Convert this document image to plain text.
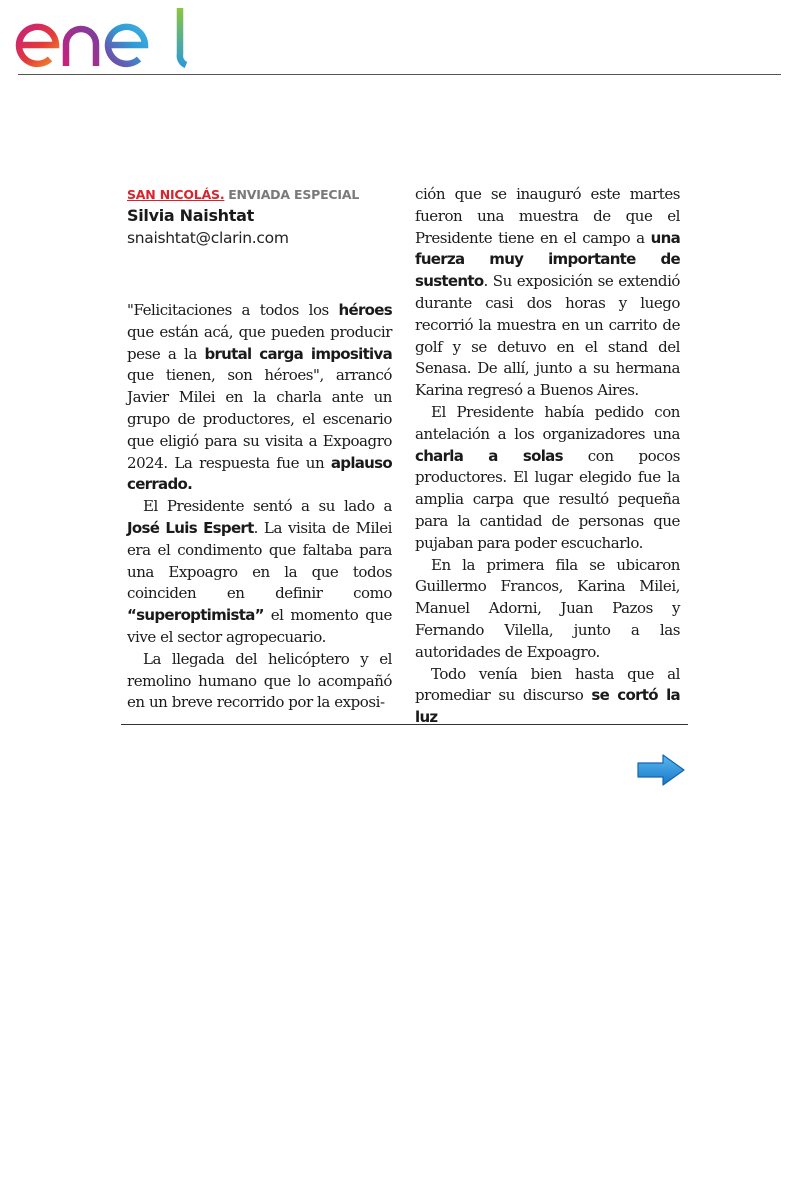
SAN NICOLÁS. ENVIADA ESPECIAL

Silvia Naishtat

snaishtat@clarin.com

"Felicitaciones a todos los héroes que están acá, que pueden producir pese a la brutal carga impositiva que tienen, son héroes", arrancó Javier Milei en la charla ante un grupo de productores, el escenario que eligió para su visita a Expoagro 2024. La respuesta fue un aplauso cerrado.

El Presidente sentó a su lado a José Luis Espert. La visita de Milei era el condimento que faltaba para una Expoagro en la que todos coinciden en definir como “superoptimista” el momento que vive el sector agropecuario.

La llegada del helicóptero y el remolino humano que lo acompañó en un breve recorrido por la exposi-

ción que se inauguró este martes fueron una muestra de que el Presidente tiene en el campo a una fuerza muy importante de sustento. Su exposición se extendió durante casi dos horas y luego recorrió la muestra en un carrito de golf y se detuvo en el stand del Senasa. De allí, junto a su hermana Karina regresó a Buenos Aires.

El Presidente había pedido con antelación a los organizadores una charla a solas con pocos productores. El lugar elegido fue la amplia carpa que resultó pequeña para la cantidad de personas que pujaban para poder escucharlo.

En la primera fila se ubicaron Guillermo Francos, Karina Milei, Manuel Adorni, Juan Pazos y Fernando Vilella, junto a las autoridades de Expoagro.

Todo venía bien hasta que al promediar su discurso se cortó la luz
